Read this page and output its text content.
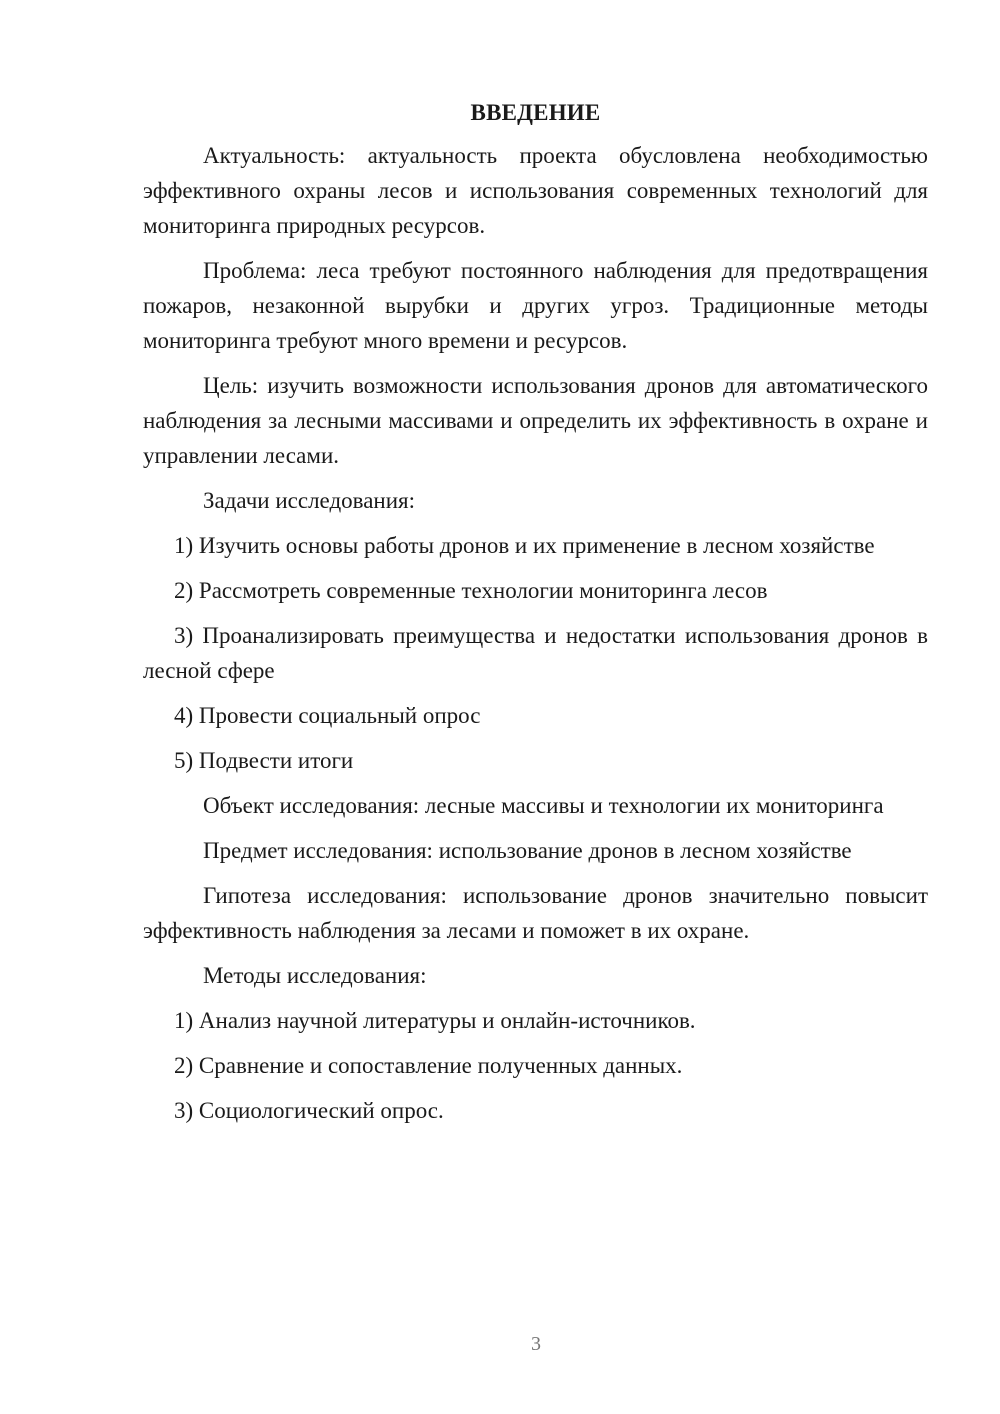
ВВЕДЕНИЕ

Актуальность: актуальность проекта обусловлена необходимостью эффективного охраны лесов и использования современных технологий для мониторинга природных ресурсов.

Проблема: леса требуют постоянного наблюдения для предотвращения пожаров, незаконной вырубки и других угроз. Традиционные методы мониторинга требуют много времени и ресурсов.

Цель: изучить возможности использования дронов для автоматического наблюдения за лесными массивами и определить их эффективность в охране и управлении лесами.

Задачи исследования:

1) Изучить основы работы дронов и их применение в лесном хозяйстве

2) Рассмотреть современные технологии мониторинга лесов

3) Проанализировать преимущества и недостатки использования дронов в лесной сфере

4) Провести социальный опрос

5) Подвести итоги

Объект исследования: лесные массивы и технологии их мониторинга

Предмет исследования: использование дронов в лесном хозяйстве

Гипотеза исследования: использование дронов значительно повысит эффективность наблюдения за лесами и поможет в их охране.

Методы исследования:

1) Анализ научной литературы и онлайн-источников.

2) Сравнение и сопоставление полученных данных.

3) Социологический опрос.

3
